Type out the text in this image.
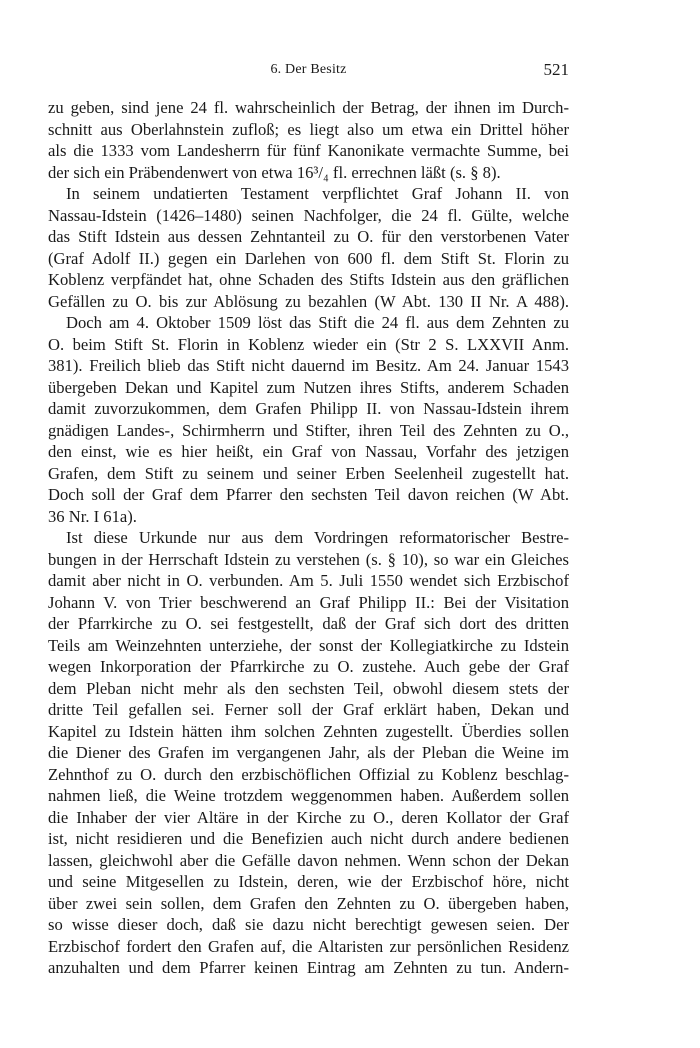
6. Der Besitz	521
zu geben, sind jene 24 fl. wahrscheinlich der Betrag, der ihnen im Durch-
schnitt aus Oberlahnstein zufloß; es liegt also um etwa ein Drittel höher
als die 1333 vom Landesherrn für fünf Kanonikate vermachte Summe, bei
der sich ein Präbendenwert von etwa 16³/₄ fl. errechnen läßt (s. § 8).
In seinem undatierten Testament verpflichtet Graf Johann II. von
Nassau-Idstein (1426–1480) seinen Nachfolger, die 24 fl. Gülte, welche
das Stift Idstein aus dessen Zehntanteil zu O. für den verstorbenen Vater
(Graf Adolf II.) gegen ein Darlehen von 600 fl. dem Stift St. Florin zu
Koblenz verpfändet hat, ohne Schaden des Stifts Idstein aus den gräflichen
Gefällen zu O. bis zur Ablösung zu bezahlen (W Abt. 130 II Nr. A 488).
Doch am 4. Oktober 1509 löst das Stift die 24 fl. aus dem Zehnten zu
O. beim Stift St. Florin in Koblenz wieder ein (Str 2 S. LXXVII Anm.
381). Freilich blieb das Stift nicht dauernd im Besitz. Am 24. Januar 1543
übergeben Dekan und Kapitel zum Nutzen ihres Stifts, anderem Schaden
damit zuvorzukommen, dem Grafen Philipp II. von Nassau-Idstein ihrem
gnädigen Landes-, Schirmherrn und Stifter, ihren Teil des Zehnten zu O.,
den einst, wie es hier heißt, ein Graf von Nassau, Vorfahr des jetzigen
Grafen, dem Stift zu seinem und seiner Erben Seelenheil zugestellt hat.
Doch soll der Graf dem Pfarrer den sechsten Teil davon reichen (W Abt.
36 Nr. I 61a).
Ist diese Urkunde nur aus dem Vordringen reformatorischer Bestre-
bungen in der Herrschaft Idstein zu verstehen (s. § 10), so war ein Gleiches
damit aber nicht in O. verbunden. Am 5. Juli 1550 wendet sich Erzbischof
Johann V. von Trier beschwerend an Graf Philipp II.: Bei der Visitation
der Pfarrkirche zu O. sei festgestellt, daß der Graf sich dort des dritten
Teils am Weinzehnten unterziehe, der sonst der Kollegiatkirche zu Idstein
wegen Inkorporation der Pfarrkirche zu O. zustehe. Auch gebe der Graf
dem Pleban nicht mehr als den sechsten Teil, obwohl diesem stets der
dritte Teil gefallen sei. Ferner soll der Graf erklärt haben, Dekan und
Kapitel zu Idstein hätten ihm solchen Zehnten zugestellt. Überdies sollen
die Diener des Grafen im vergangenen Jahr, als der Pleban die Weine im
Zehnthof zu O. durch den erzbischöflichen Offizial zu Koblenz beschlag-
nahmen ließ, die Weine trotzdem weggenommen haben. Außerdem sollen
die Inhaber der vier Altäre in der Kirche zu O., deren Kollator der Graf
ist, nicht residieren und die Benefizien auch nicht durch andere bedienen
lassen, gleichwohl aber die Gefälle davon nehmen. Wenn schon der Dekan
und seine Mitgesellen zu Idstein, deren, wie der Erzbischof höre, nicht
über zwei sein sollen, dem Grafen den Zehnten zu O. übergeben haben,
so wisse dieser doch, daß sie dazu nicht berechtigt gewesen seien. Der
Erzbischof fordert den Grafen auf, die Altaristen zur persönlichen Residenz
anzuhalten und dem Pfarrer keinen Eintrag am Zehnten zu tun. Andern-
